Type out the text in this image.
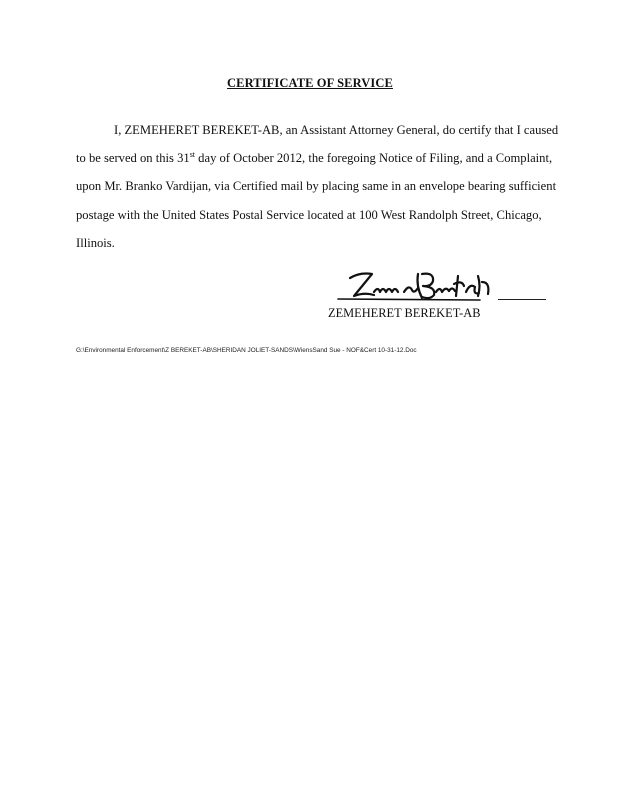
CERTIFICATE OF SERVICE
I, ZEMEHERET BEREKET-AB, an Assistant Attorney General, do certify that I caused
to be served on this 31st day of October 2012, the foregoing Notice of Filing, and a Complaint,
upon Mr. Branko Vardijan, via Certified mail by placing same in an envelope bearing sufficient
postage with the United States Postal Service located at 100 West Randolph Street, Chicago,
Illinois.
ZEMEHERET BEREKET-AB
G:\Environmental Enforcement\Z BEREKET-AB\SHERIDAN JOLIET-SANDS\WiensSand Sue - NOF&Cert 10-31-12.Doc
